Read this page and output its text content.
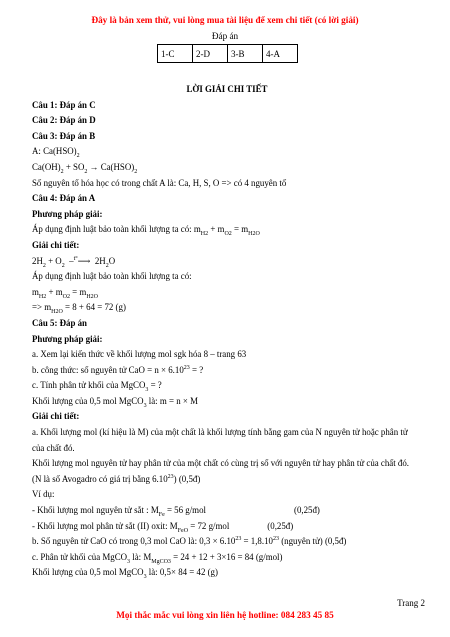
Đây là bản xem thử, vui lòng mua tài liệu để xem chi tiết (có lời giải)
Đáp án
1-C	2-D	3-B	4-A
LỜI GIẢI CHI TIẾT
Câu 1: Đáp án C
Câu 2: Đáp án D
Câu 3: Đáp án B
A: $Ca(HSO)_2$
$Ca(OH)_2 + SO_2 \to Ca(HSO)_2$
Số nguyên tố hóa học có trong chất A là: Ca, H, S, O => có 4 nguyên tố
Câu 4: Đáp án A
Phương pháp giải:
Áp dụng định luật bảo toàn khối lượng ta có: $m_{H2} + m_{O2} = m_{H2O}$
Giải chi tiết:
$2H_2 + O_2$  –$^{t^\circ}$⟶  $2H_2O$
Áp dụng định luật bảo toàn khối lượng ta có:
$m_{H2} + m_{O2} = m_{H2O}$
=> $m_{H2O} = 8 + 64 = 72$ (g)
Câu 5: Đáp án
Phương pháp giải:
a. Xem lại kiến thức về khối lượng mol sgk hóa 8 – trang 63
b. công thức: số nguyên tử CaO = $n \times 6.10^{23}$ = ?
c. Tính phân tử khối của MgCO$_3$ = ?
Khối lượng của 0,5 mol MgCO$_3$ là: m = n × M
Giải chi tiết:
a. Khối lượng mol (kí hiệu là M) của một chất là khối lượng tính bằng gam của N nguyên tử hoặc phân tử
của chất đó.
Khối lượng mol nguyên tử hay phân tử của một chất có cùng trị số với nguyên tử hay phân tử của chất đó.
(N là số Avogadro có giá trị bằng 6.10$^{23}$) (0,5đ)
Ví dụ:
- Khối lượng mol nguyên tử sắt : $M_{Fe} = 56$ g/mol	(0,25đ)
- Khối lượng mol phân tử sắt (II) oxit: $M_{FeO} = 72$ g/mol	(0,25đ)
b. Số nguyên tử CaO có trong 0,3 mol CaO là: $0,3 \times 6.10^{23} = 1,8.10^{23}$ (nguyên tử) (0,5đ)
c. Phân tử khối của MgCO$_3$ là: $M_{MgCO3} = 24 + 12 + 3\times 16 = 84$ (g/mol)
Khối lượng của 0,5 mol MgCO$_3$ là: 0,5× 84 = 42 (g)
Trang 2
Mọi thắc mắc vui lòng xin liên hệ hotline: 084 283 45 85
